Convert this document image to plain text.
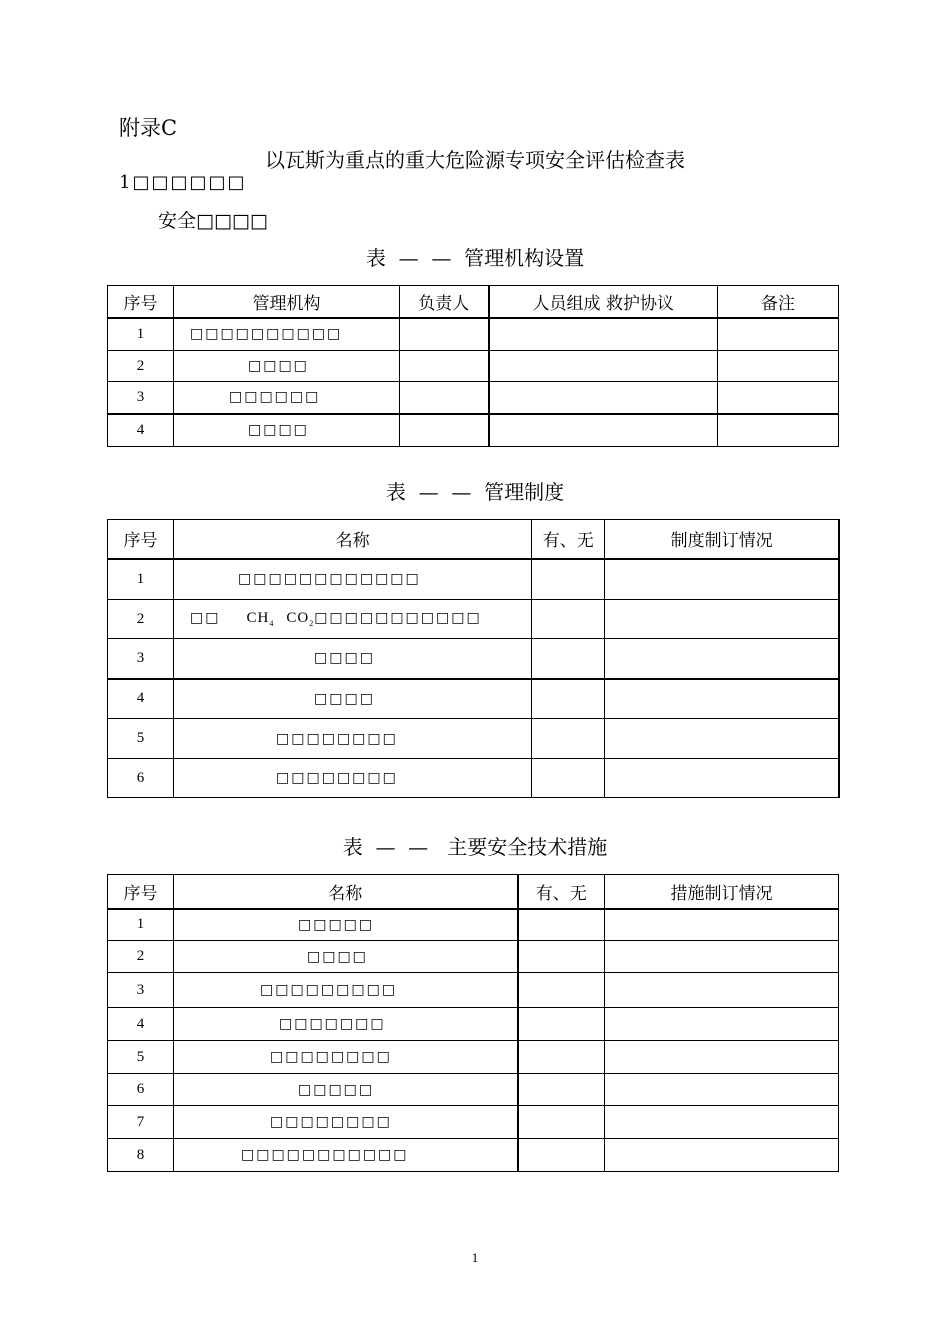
附录C
以瓦斯为重点的重大危险源专项安全评估检查表
1□□□□□□
安全□□□□
表  —  —  管理机构设置
序号	管理机构	负责人	人员组成 救护协议	备注
1	□□□□□□□□□□			
2	□□□□			
3	□□□□□□			
4	□□□□			
表  —  —  管理制度
序号	名称	有、无	制度制订情况
1	□□□□□□□□□□□□		
2	□□ $CH_4$ $CO_2□□□□□□□□□□□$		
3	□□□□		
4	□□□□		
5	□□□□□□□□		
6	□□□□□□□□		
表  —  —   主要安全技术措施
序号	名称	有、无	措施制订情况
1	□□□□□		
2	□□□□		
3	□□□□□□□□□		
4	□□□□□□□		
5	□□□□□□□□		
6	□□□□□		
7	□□□□□□□□		
8	□□□□□□□□□□□		
1
